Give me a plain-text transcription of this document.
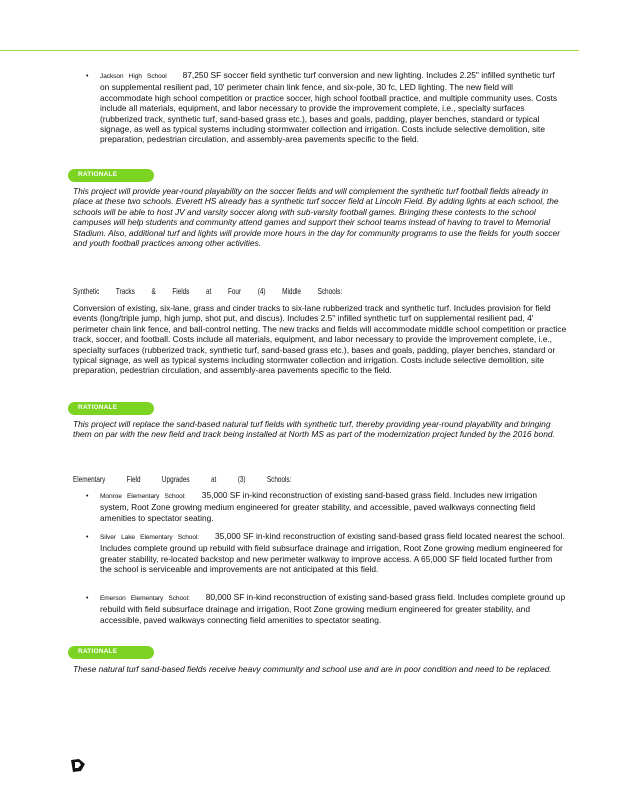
• Jackson   High   School 87,250 SF soccer field synthetic turf conversion and new lighting. Includes 2.25" infilled synthetic turf on supplemental resilient pad, 10' perimeter chain link fence, and six-pole, 30 fc, LED lighting. The new field will accommodate high school competition or practice soccer, high school football practice, and multiple community uses. Costs include all materials, equipment, and labor necessary to provide the improvement complete, i.e., specialty surfaces (rubberized track, synthetic turf, sand-based grass etc.), bases and goals, padding, player benches, standard or typical signage, as well as typical systems including stormwater collection and irrigation. Costs include selective demolition, site preparation, pedestrian circulation, and assembly-area pavements specific to the field.
RATIONALE
This project will provide year-round playability on the soccer fields and will complement the synthetic turf football fields already in place at these two schools. Everett HS already has a synthetic turf soccer field at Lincoln Field. By adding lights at each school, the schools will be able to host JV and varsity soccer along with sub-varsity football games. Bringing these contests to the school campuses will help students and community attend games and support their school teams instead of having to travel to Memorial Stadium. Also, additional turf and lights will provide more hours in the day for community programs to use the fields for youth soccer and youth football practices among other activities.
Synthetic Tracks & Fields at Four (4) Middle Schools:
Conversion of existing, six-lane, grass and cinder tracks to six-lane rubberized track and synthetic turf. Includes provision for field events (long/triple jump, high jump, shot put, and discus). Includes 2.5" infilled synthetic turf on supplemental resilient pad, 4' perimeter chain link fence, and ball-control netting. The new tracks and fields will accommodate middle school competition or practice track, soccer, and football. Costs include all materials, equipment, and labor necessary to provide the improvement complete, i.e., specialty surfaces (rubberized track, synthetic turf, sand-based grass etc.), bases and goals, padding, player benches, standard or typical signage, as well as typical systems including stormwater collection and irrigation. Costs include selective demolition, site preparation, pedestrian circulation, and assembly-area pavements specific to the field.
RATIONALE
This project will replace the sand-based natural turf fields with synthetic turf, thereby providing year-round playability and bringing them on par with the new field and track being installed at North MS as part of the modernization project funded by the 2016 bond.
Elementary	Field	Upgrades	at	(3)	Schools:
• Monroe   Elementary   School: 35,000 SF in-kind reconstruction of existing sand-based grass field. Includes new irrigation system, Root Zone growing medium engineered for greater stability, and accessible, paved walkways connecting field amenities to spectator seating.
• Silver   Lake   Elementary   School: 35,000 SF in-kind reconstruction of existing sand-based grass field located nearest the school. Includes complete ground up rebuild with field subsurface drainage and irrigation, Root Zone growing medium engineered for greater stability, re-located backstop and new perimeter walkway to improve access. A 65,000 SF field located further from the school is serviceable and improvements are not anticipated at this field.
• Emerson   Elementary   School: 80,000 SF in-kind reconstruction of existing sand-based grass field. Includes complete ground up rebuild with field subsurface drainage and irrigation, Root Zone growing medium engineered for greater stability, and accessible, paved walkways connecting field amenities to spectator seating.
RATIONALE
These natural turf sand-based fields receive heavy community and school use and are in poor condition and need to be replaced.
